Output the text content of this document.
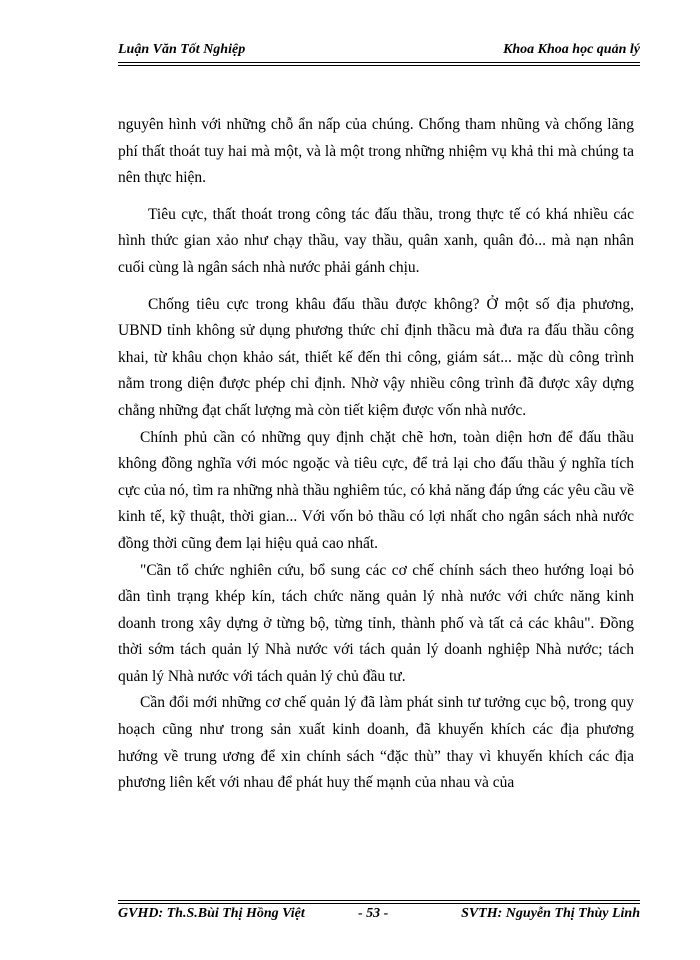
Luận Văn Tốt Nghiệp	Khoa Khoa học quản lý

nguyên hình với những chỗ ẩn nấp của chúng. Chống tham nhũng và chống lãng phí thất thoát tuy hai mà một, và là một trong những nhiệm vụ khả thi mà chúng ta nên thực hiện.

Tiêu cực, thất thoát trong công tác đấu thầu, trong thực tế có khá nhiều các hình thức gian xảo như chạy thầu, vay thầu, quân xanh, quân đỏ... mà nạn nhân cuối cùng là ngân sách nhà nước phải gánh chịu.

Chống tiêu cực trong khâu đấu thầu được không? Ở một số địa phương, UBND tỉnh không sử dụng phương thức chỉ định thầcu mà đưa ra đấu thầu công khai, từ khâu chọn khảo sát, thiết kế đến thi công, giám sát... mặc dù công trình nằm trong diện được phép chỉ định. Nhờ vậy nhiều công trình đã được xây dựng chẳng những đạt chất lượng mà còn tiết kiệm được vốn nhà nước.

Chính phủ cần có những quy định chặt chẽ hơn, toàn diện hơn để đấu thầu không đồng nghĩa với móc ngoặc và tiêu cực, để trả lại cho đấu thầu ý nghĩa tích cực của nó, tìm ra những nhà thầu nghiêm túc, có khả năng đáp ứng các yêu cầu về kinh tế, kỹ thuật, thời gian... Với vốn bỏ thầu có lợi nhất cho ngân sách nhà nước đồng thời cũng đem lại hiệu quả cao nhất.

"Cần tổ chức nghiên cứu, bổ sung các cơ chế chính sách theo hướng loại bỏ dần tình trạng khép kín, tách chức năng quản lý nhà nước với chức năng kinh doanh trong xây dựng ở từng bộ, từng tỉnh, thành phố và tất cả các khâu". Đồng thời sớm tách quản lý Nhà nước với tách quản lý doanh nghiệp Nhà nước; tách quản lý Nhà nước với tách quản lý chủ đầu tư.

Cần đổi mới những cơ chế quản lý đã làm phát sinh tư tưởng cục bộ, trong quy hoạch cũng như trong sản xuất kinh doanh, đã khuyến khích các địa phương hướng về trung ương để xin chính sách “đặc thù” thay vì khuyến khích các địa phương liên kết với nhau để phát huy thế mạnh của nhau và của

GVHD: Th.S.Bùi Thị Hồng Việt	- 53 -	SVTH: Nguyễn Thị Thùy Linh
